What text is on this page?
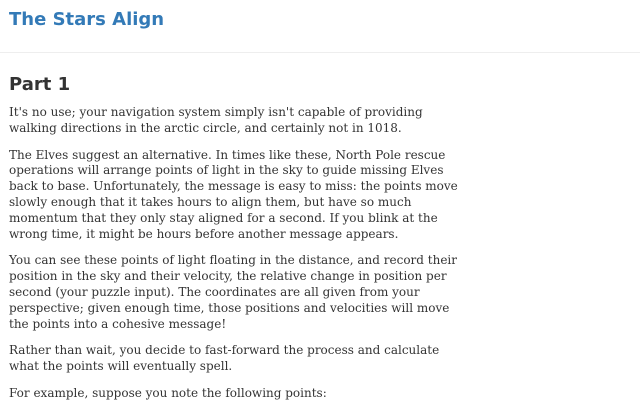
The Stars Align
Part 1

It's no use; your navigation system simply isn't capable of providing
walking directions in the arctic circle, and certainly not in 1018.

The Elves suggest an alternative. In times like these, North Pole rescue
operations will arrange points of light in the sky to guide missing Elves
back to base. Unfortunately, the message is easy to miss: the points move
slowly enough that it takes hours to align them, but have so much
momentum that they only stay aligned for a second. If you blink at the
wrong time, it might be hours before another message appears.

You can see these points of light floating in the distance, and record their
position in the sky and their velocity, the relative change in position per
second (your puzzle input). The coordinates are all given from your
perspective; given enough time, those positions and velocities will move
the points into a cohesive message!

Rather than wait, you decide to fast-forward the process and calculate
what the points will eventually spell.

For example, suppose you note the following points:
